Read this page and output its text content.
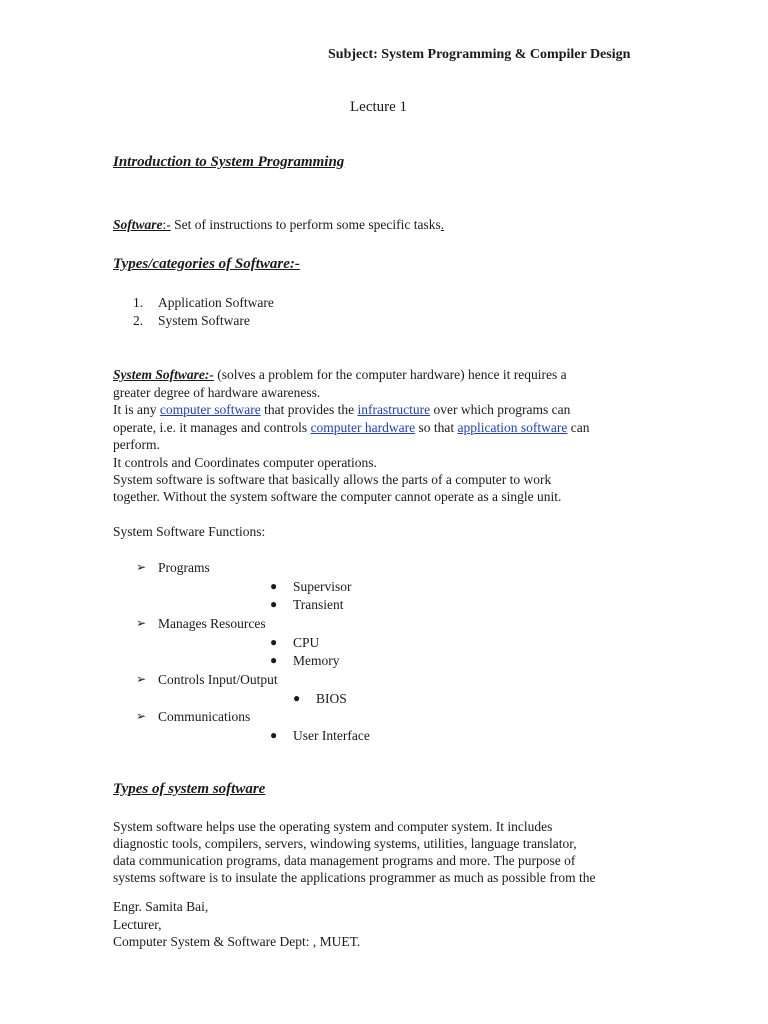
Subject: System Programming & Compiler Design
Lecture 1
Introduction to System Programming
Software:- Set of instructions to perform some specific tasks.
Types/categories of Software:-
1. Application Software
2. System Software
System Software:- (solves a problem for the computer hardware) hence it requires a
greater degree of hardware awareness.
It is any computer software that provides the infrastructure over which programs can
operate, i.e. it manages and controls computer hardware so that application software can
perform.
It controls and Coordinates computer operations.
System software is software that basically allows the parts of a computer to work
together. Without the system software the computer cannot operate as a single unit.
System Software Functions:
➢ Programs
● Supervisor
● Transient
➢ Manages Resources
● CPU
● Memory
➢ Controls Input/Output
● BIOS
➢ Communications
● User Interface
Types of system software
System software helps use the operating system and computer system. It includes
diagnostic tools, compilers, servers, windowing systems, utilities, language translator,
data communication programs, data management programs and more. The purpose of
systems software is to insulate the applications programmer as much as possible from the
Engr. Samita Bai,
Lecturer,
Computer System & Software Dept: , MUET.
